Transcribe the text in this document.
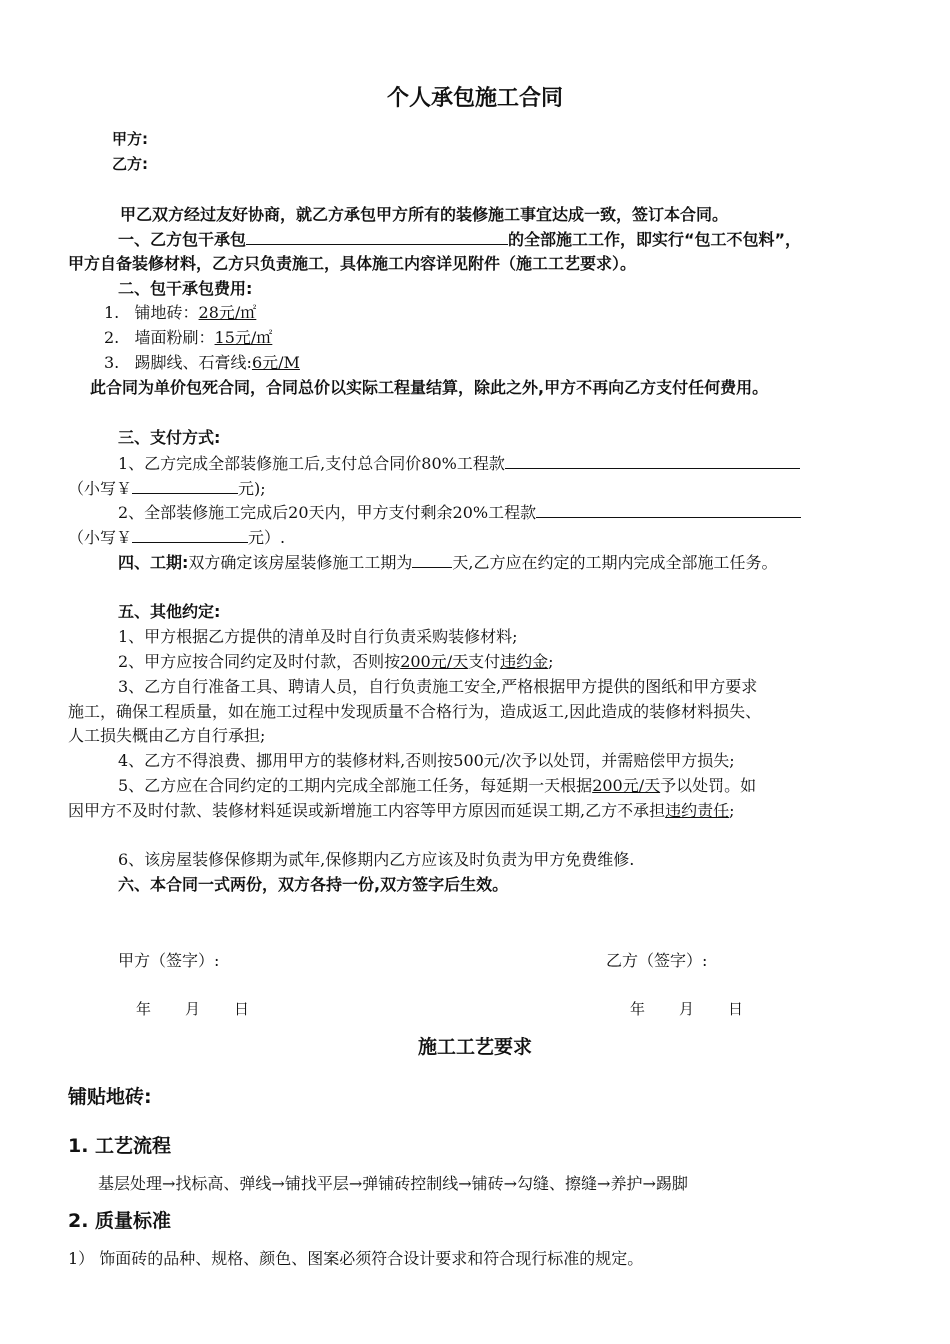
个人承包施工合同
甲方:
乙方:
甲乙双方经过友好协商，就乙方承包甲方所有的装修施工事宜达成一致，签订本合同。
一、乙方包干承包	的全部施工工作，即实行“包工不包料”，
甲方自备装修材料，乙方只负责施工，具体施工内容详见附件（施工工艺要求）。
二、包干承包费用:
1. 铺地砖：28元/㎡
2. 墙面粉刷：15元/㎡
3. 踢脚线、石膏线:6元/M
此合同为单价包死合同，合同总价以实际工程量结算，除此之外,甲方不再向乙方支付任何费用。
三、支付方式:
1、乙方完成全部装修施工后,支付总合同价80%工程款
（小写￥	元);
2、全部装修施工完成后20天内，甲方支付剩余20%工程款
（小写￥	元）.
四、工期:双方确定该房屋装修施工工期为	天,乙方应在约定的工期内完成全部施工任务。
五、其他约定:
1、甲方根据乙方提供的清单及时自行负责采购装修材料;
2、甲方应按合同约定及时付款，否则按200元/天支付违约金;
3、乙方自行准备工具、聘请人员，自行负责施工安全,严格根据甲方提供的图纸和甲方要求
施工，确保工程质量，如在施工过程中发现质量不合格行为，造成返工,因此造成的装修材料损失、
人工损失概由乙方自行承担;
4、乙方不得浪费、挪用甲方的装修材料,否则按500元/次予以处罚，并需赔偿甲方损失;
5、乙方应在合同约定的工期内完成全部施工任务，每延期一天根据200元/天予以处罚。如
因甲方不及时付款、装修材料延误或新增施工内容等甲方原因而延误工期,乙方不承担违约责任;
6、该房屋装修保修期为贰年,保修期内乙方应该及时负责为甲方免费维修.
六、本合同一式两份，双方各持一份,双方签字后生效。
甲方（签字）:	乙方（签字）:
年 月 日	年 月 日
施工工艺要求
铺贴地砖:
1. 工艺流程
基层处理→找标高、弹线→铺找平层→弹铺砖控制线→铺砖→勾缝、擦缝→养护→踢脚
2. 质量标准
1） 饰面砖的品种、规格、颜色、图案必须符合设计要求和符合现行标准的规定。
